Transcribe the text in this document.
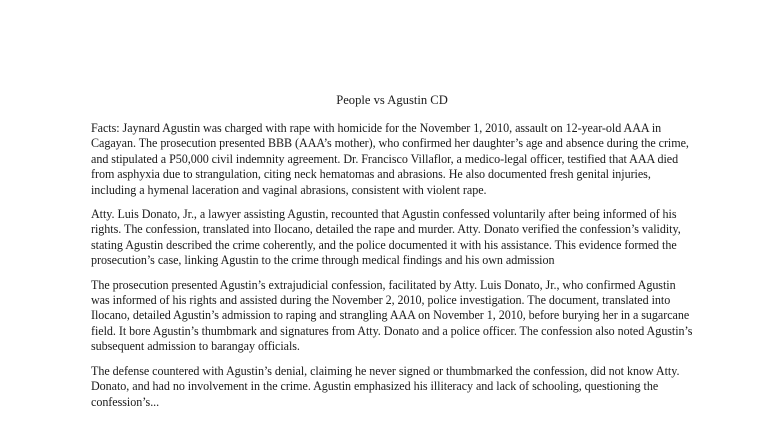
People vs Agustin CD

Facts: Jaynard Agustin was charged with rape with homicide for the November 1, 2010, assault on 12-year-old AAA in Cagayan. The prosecution presented BBB (AAA’s mother), who confirmed her daughter’s age and absence during the crime, and stipulated a P50,000 civil indemnity agreement. Dr. Francisco Villaflor, a medico-legal officer, testified that AAA died from asphyxia due to strangulation, citing neck hematomas and abrasions. He also documented fresh genital injuries, including a hymenal laceration and vaginal abrasions, consistent with violent rape.

Atty. Luis Donato, Jr., a lawyer assisting Agustin, recounted that Agustin confessed voluntarily after being informed of his rights. The confession, translated into Ilocano, detailed the rape and murder. Atty. Donato verified the confession’s validity, stating Agustin described the crime coherently, and the police documented it with his assistance. This evidence formed the prosecution’s case, linking Agustin to the crime through medical findings and his own admission

The prosecution presented Agustin’s extrajudicial confession, facilitated by Atty. Luis Donato, Jr., who confirmed Agustin was informed of his rights and assisted during the November 2, 2010, police investigation. The document, translated into Ilocano, detailed Agustin’s admission to raping and strangling AAA on November 1, 2010, before burying her in a sugarcane field. It bore Agustin’s thumbmark and signatures from Atty. Donato and a police officer. The confession also noted Agustin’s subsequent admission to barangay officials.

The defense countered with Agustin’s denial, claiming he never signed or thumbmarked the confession, did not know Atty. Donato, and had no involvement in the crime. Agustin emphasized his illiteracy and lack of schooling, questioning the confession’s...
